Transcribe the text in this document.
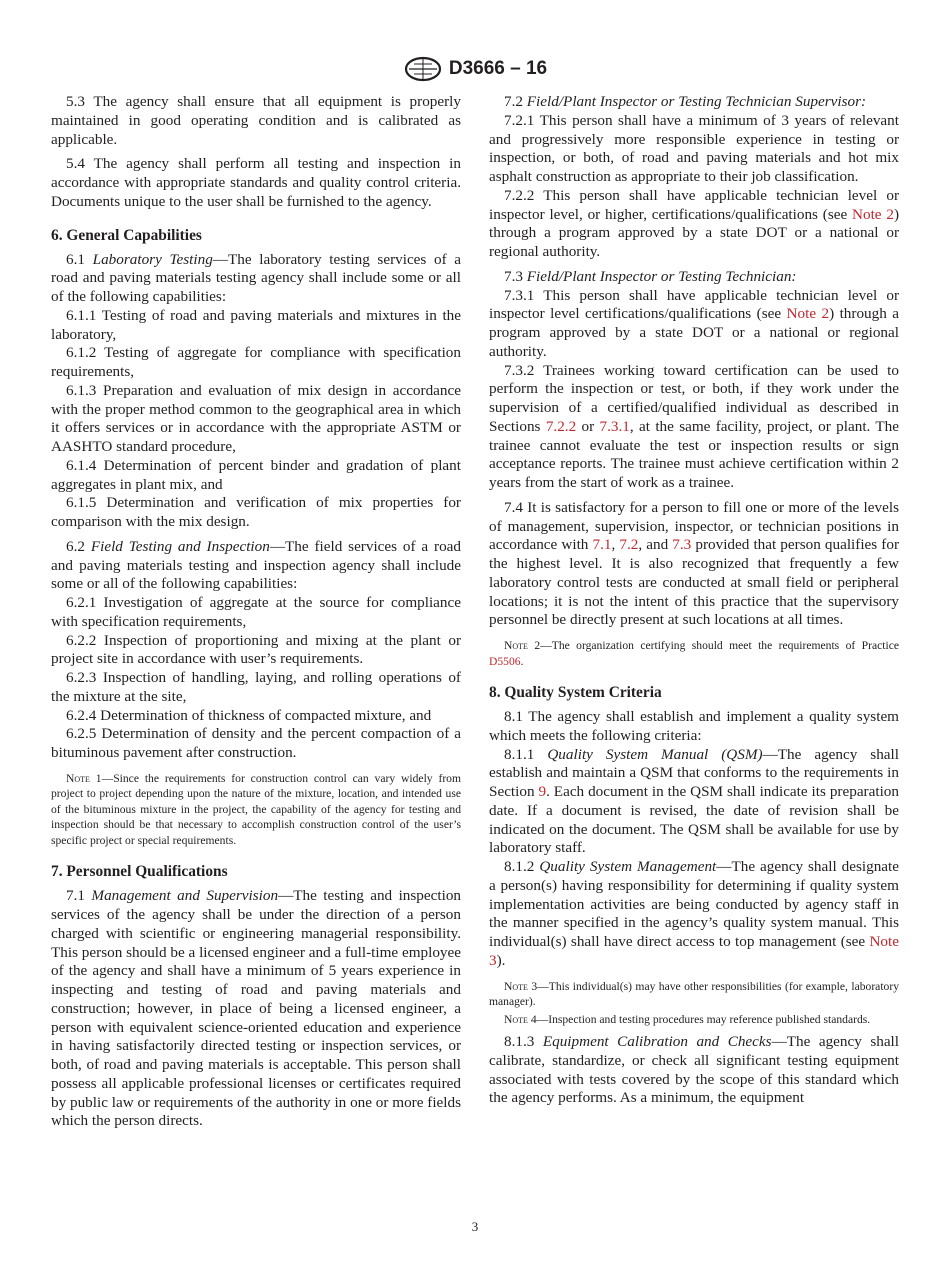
D3666 – 16

5.3 The agency shall ensure that all equipment is properly maintained in good operating condition and is calibrated as applicable.

5.4 The agency shall perform all testing and inspection in accordance with appropriate standards and quality control criteria. Documents unique to the user shall be furnished to the agency.

6. General Capabilities

6.1 Laboratory Testing—The laboratory testing services of a road and paving materials testing agency shall include some or all of the following capabilities:

6.1.1 Testing of road and paving materials and mixtures in the laboratory,

6.1.2 Testing of aggregate for compliance with specification requirements,

6.1.3 Preparation and evaluation of mix design in accordance with the proper method common to the geographical area in which it offers services or in accordance with the appropriate ASTM or AASHTO standard procedure,

6.1.4 Determination of percent binder and gradation of plant aggregates in plant mix, and

6.1.5 Determination and verification of mix properties for comparison with the mix design.

6.2 Field Testing and Inspection—The field services of a road and paving materials testing and inspection agency shall include some or all of the following capabilities:

6.2.1 Investigation of aggregate at the source for compliance with specification requirements,

6.2.2 Inspection of proportioning and mixing at the plant or project site in accordance with user’s requirements.

6.2.3 Inspection of handling, laying, and rolling operations of the mixture at the site,

6.2.4 Determination of thickness of compacted mixture, and

6.2.5 Determination of density and the percent compaction of a bituminous pavement after construction.

Note 1—Since the requirements for construction control can vary widely from project to project depending upon the nature of the mixture, location, and intended use of the bituminous mixture in the project, the capability of the agency for testing and inspection should be that necessary to accomplish construction control of the user’s specific project or special requirements.

7. Personnel Qualifications

7.1 Management and Supervision—The testing and inspection services of the agency shall be under the direction of a person charged with scientific or engineering managerial responsibility. This person should be a licensed engineer and a full-time employee of the agency and shall have a minimum of 5 years experience in inspecting and testing of road and paving materials and construction; however, in place of being a licensed engineer, a person with equivalent science-oriented education and experience in having satisfactorily directed testing or inspection services, or both, of road and paving materials is acceptable. This person shall possess all applicable professional licenses or certificates required by public law or requirements of the authority in one or more fields which the person directs.

7.2 Field/Plant Inspector or Testing Technician Supervisor:

7.2.1 This person shall have a minimum of 3 years of relevant and progressively more responsible experience in testing or inspection, or both, of road and paving materials and hot mix asphalt construction as appropriate to their job classification.

7.2.2 This person shall have applicable technician level or inspector level, or higher, certifications/qualifications (see Note 2) through a program approved by a state DOT or a national or regional authority.

7.3 Field/Plant Inspector or Testing Technician:

7.3.1 This person shall have applicable technician level or inspector level certifications/qualifications (see Note 2) through a program approved by a state DOT or a national or regional authority.

7.3.2 Trainees working toward certification can be used to perform the inspection or test, or both, if they work under the supervision of a certified/qualified individual as described in Sections 7.2.2 or 7.3.1, at the same facility, project, or plant. The trainee cannot evaluate the test or inspection results or sign acceptance reports. The trainee must achieve certification within 2 years from the start of work as a trainee.

7.4 It is satisfactory for a person to fill one or more of the levels of management, supervision, inspector, or technician positions in accordance with 7.1, 7.2, and 7.3 provided that person qualifies for the highest level. It is also recognized that frequently a few laboratory control tests are conducted at small field or peripheral locations; it is not the intent of this practice that the supervisory personnel be directly present at such locations at all times.

Note 2—The organization certifying should meet the requirements of Practice D5506.

8. Quality System Criteria

8.1 The agency shall establish and implement a quality system which meets the following criteria:

8.1.1 Quality System Manual (QSM)—The agency shall establish and maintain a QSM that conforms to the requirements in Section 9. Each document in the QSM shall indicate its preparation date. If a document is revised, the date of revision shall be indicated on the document. The QSM shall be available for use by laboratory staff.

8.1.2 Quality System Management—The agency shall designate a person(s) having responsibility for determining if quality system implementation activities are being conducted by agency staff in the manner specified in the agency’s quality system manual. This individual(s) shall have direct access to top management (see Note 3).

Note 3—This individual(s) may have other responsibilities (for example, laboratory manager).

Note 4—Inspection and testing procedures may reference published standards.

8.1.3 Equipment Calibration and Checks—The agency shall calibrate, standardize, or check all significant testing equipment associated with tests covered by the scope of this standard which the agency performs. As a minimum, the equipment

3
